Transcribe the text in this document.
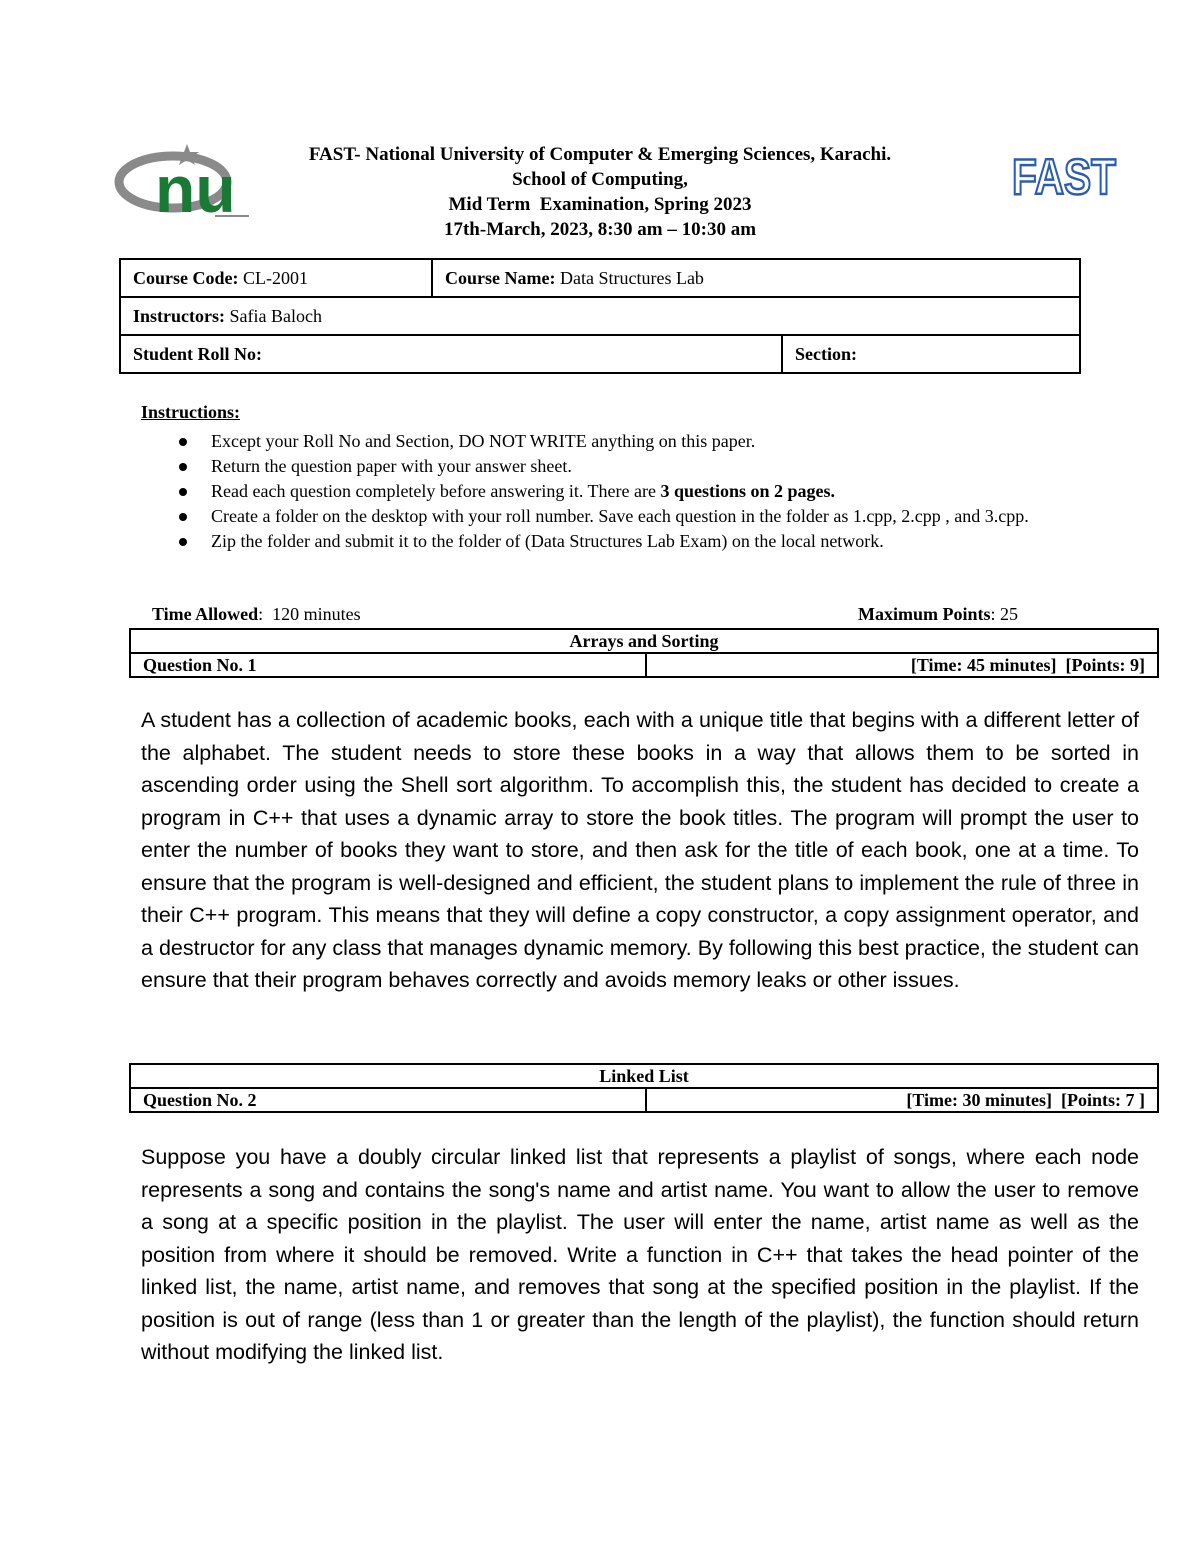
nu	FAST
FAST- National University of Computer & Emerging Sciences, Karachi.
School of Computing,
Mid Term  Examination, Spring 2023
17th-March, 2023, 8:30 am – 10:30 am
Course Code: CL-2001	Course Name: Data Structures Lab	
Instructors: Safia Baloch		
Student Roll No:		Section:
Instructions:
Except your Roll No and Section, DO NOT WRITE anything on this paper.
Return the question paper with your answer sheet.
Read each question completely before answering it. There are 3 questions on 2 pages.
Create a folder on the desktop with your roll number. Save each question in the folder as 1.cpp, 2.cpp , and 3.cpp.
Zip the folder and submit it to the folder of (Data Structures Lab Exam) on the local network.
Time Allowed:  120 minutes	Maximum Points: 25
Arrays and Sorting
Question No. 1	[Time: 45 minutes]  [Points: 9]
A student has a collection of academic books, each with a unique title that begins with a different letter of the alphabet. The student needs to store these books in a way that allows them to be sorted in ascending order using the Shell sort algorithm. To accomplish this, the student has decided to create a program in C++ that uses a dynamic array to store the book titles. The program will prompt the user to enter the number of books they want to store, and then ask for the title of each book, one at a time. To ensure that the program is well-designed and efficient, the student plans to implement the rule of three in their C++ program. This means that they will define a copy constructor, a copy assignment operator, and a destructor for any class that manages dynamic memory. By following this best practice, the student can ensure that their program behaves correctly and avoids memory leaks or other issues.
Linked List
Question No. 2	[Time: 30 minutes]  [Points: 7 ]
Suppose you have a doubly circular linked list that represents a playlist of songs, where each node represents a song and contains the song's name and artist name. You want to allow the user to remove a song at a specific position in the playlist. The user will enter the name, artist name as well as the position from where it should be removed. Write a function in C++ that takes the head pointer of the linked list, the name, artist name, and removes that song at the specified position in the playlist. If the position is out of range (less than 1 or greater than the length of the playlist), the function should return without modifying the linked list.
